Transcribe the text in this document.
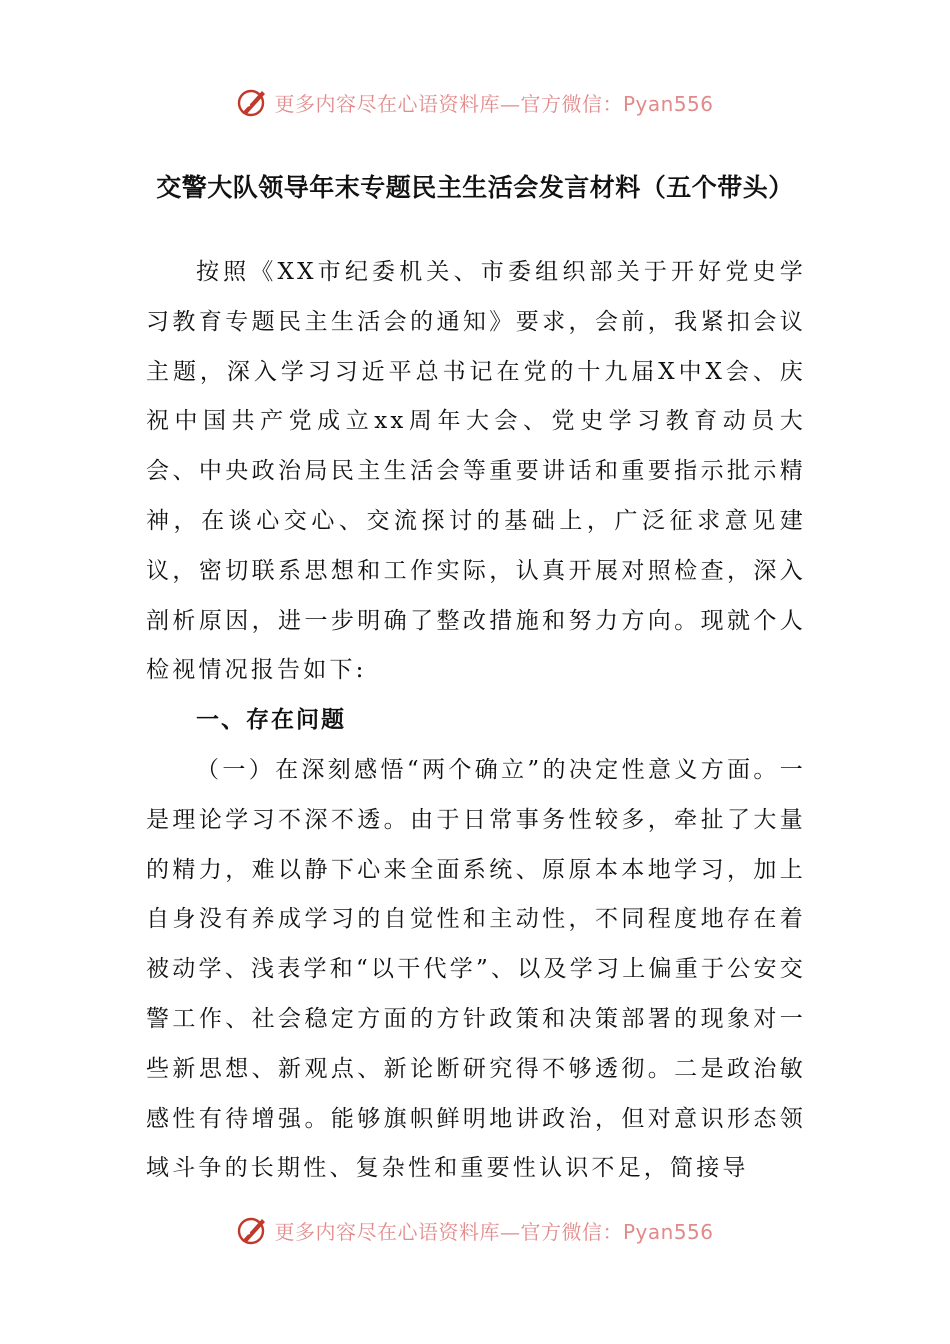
更多内容尽在心语资料库—官方微信：Pyan556
交警大队领导年末专题民主生活会发言材料（五个带头）

按照《XX市纪委机关、市委组织部关于开好党史学习教育专题民主生活会的通知》要求，会前，我紧扣会议主题，深入学习习近平总书记在党的十九届X中X会、庆祝中国共产党成立xx周年大会、党史学习教育动员大会、中央政治局民主生活会等重要讲话和重要指示批示精神，在谈心交心、交流探讨的基础上，广泛征求意见建议，密切联系思想和工作实际，认真开展对照检查，深入剖析原因，进一步明确了整改措施和努力方向。现就个人检视情况报告如下:

一、存在问题

（一）在深刻感悟“两个确立”的决定性意义方面。一是理论学习不深不透。由于日常事务性较多，牵扯了大量的精力，难以静下心来全面系统、原原本本地学习，加上自身没有养成学习的自觉性和主动性，不同程度地存在着被动学、浅表学和“以干代学”、以及学习上偏重于公安交警工作、社会稳定方面的方针政策和决策部署的现象对一些新思想、新观点、新论断研究得不够透彻。二是政治敏感性有待增强。能够旗帜鲜明地讲政治，但对意识形态领域斗争的长期性、复杂性和重要性认识不足，简接导

更多内容尽在心语资料库—官方微信：Pyan556
